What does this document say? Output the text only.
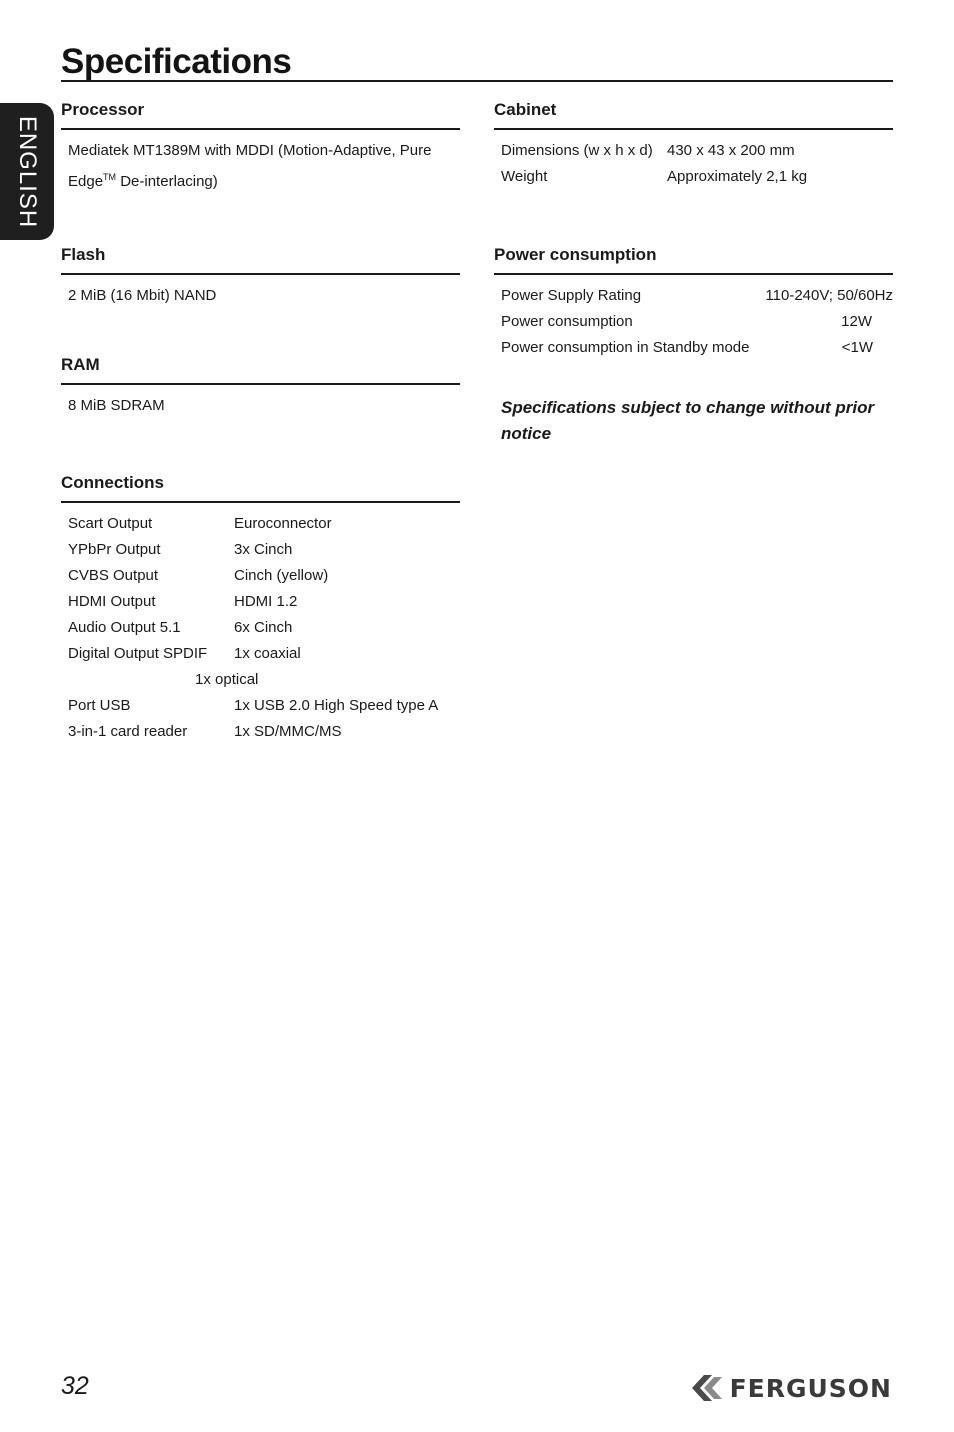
Specifications
ENGLISH
Processor
Mediatek MT1389M with MDDI (Motion-Adaptive, Pure
Edge™ De-interlacing)
Flash
2 MiB (16 Mbit) NAND
RAM
8 MiB SDRAM
Connections
Scart Output	Euroconnector
YPbPr Output	3x Cinch
CVBS Output	Cinch (yellow)
HDMI Output	HDMI 1.2
Audio Output 5.1	6x Cinch
Digital Output SPDIF	1x coaxial
1x optical
Port USB	1x USB 2.0 High Speed type A
3-in-1 card reader	1x SD/MMC/MS
Cabinet
Dimensions (w x h x d) 430 x 43 x 200 mm
Weight	Approximately 2,1 kg
Power consumption
Power Supply Rating	110-240V; 50/60Hz
Power consumption	12W
Power consumption in Standby mode	<1W
Specifications subject to change without prior notice
32	FERGUSON
